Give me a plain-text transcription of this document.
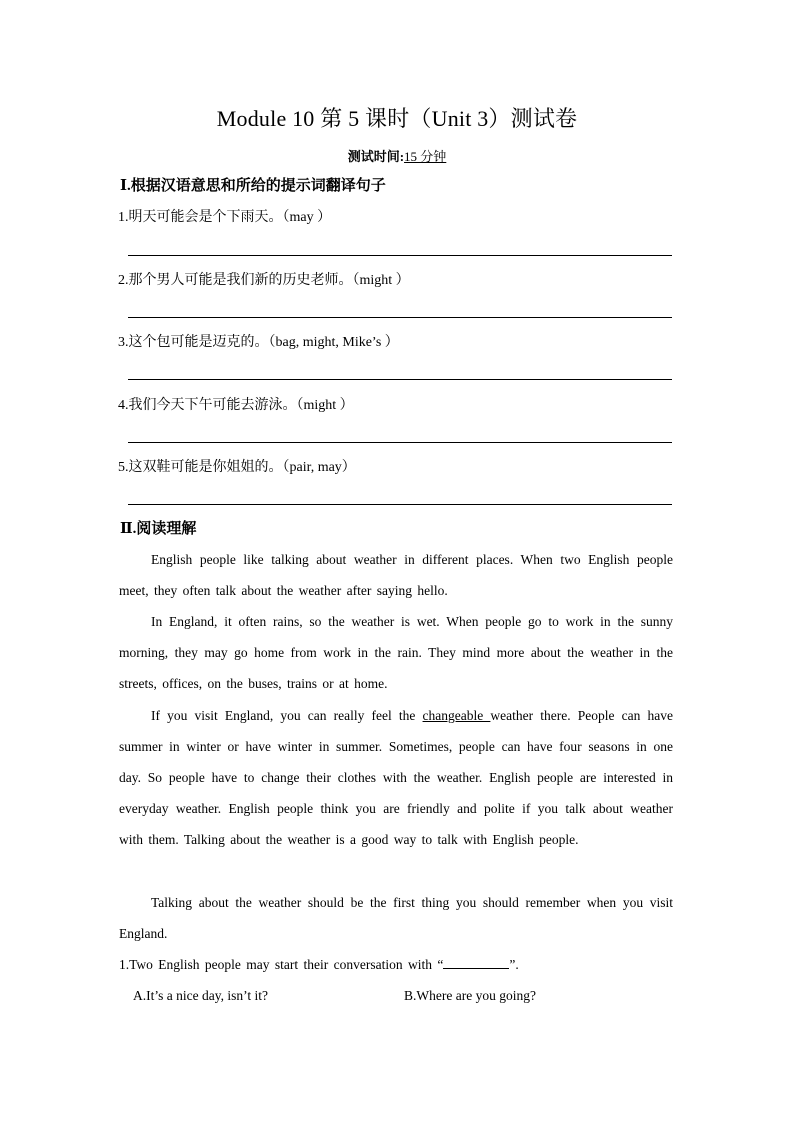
Module 10 第 5 课时（Unit 3）测试卷
测试时间:15 分钟
Ⅰ.根据汉语意思和所给的提示词翻译句子
1.明天可能会是个下雨天。（may ）
2.那个男人可能是我们新的历史老师。（might ）
3.这个包可能是迈克的。（bag, might, Mike’s ）
4.我们今天下午可能去游泳。（might ）
5.这双鞋可能是你姐姐的。（pair, may）
Ⅱ.阅读理解
English people like talking about weather in different places. When two English people meet, they often talk about the weather after saying hello.
In England, it often rains, so the weather is wet. When people go to work in the sunny morning, they may go home from work in the rain. They mind more about the weather in the streets, offices, on the buses, trains or at home.
If you visit England, you can really feel the changeable weather there. People can have summer in winter or have winter in summer. Sometimes, people can have four seasons in one day. So people have to change their clothes with the weather. English people are interested in everyday weather. English people think you are friendly and polite if you talk about weather with them. Talking about the weather is a good way to talk with English people.
Talking about the weather should be the first thing you should remember when you visit England.
1.Two English people may start their conversation with “	”.
A.It’s a nice day, isn’t it?	B.Where are you going?
